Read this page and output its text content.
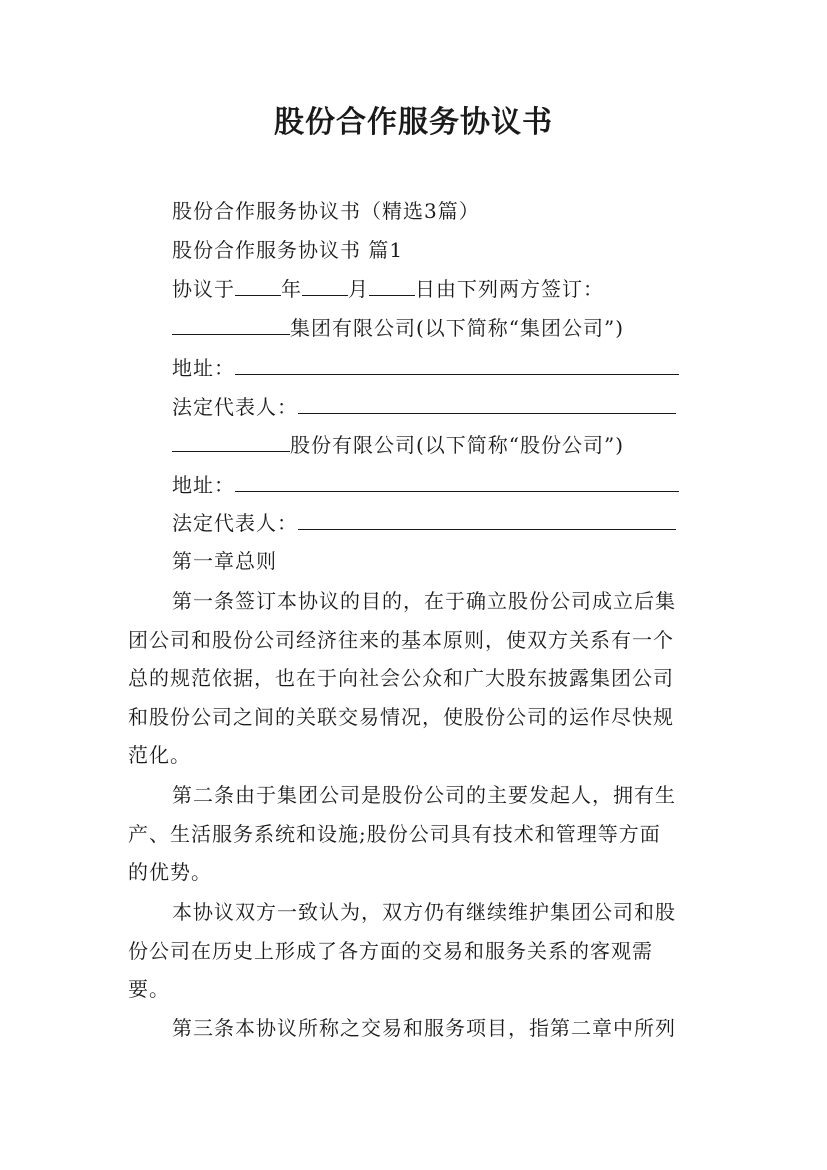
股份合作服务协议书
股份合作服务协议书（精选3篇）
股份合作服务协议书 篇1
协议于 年 月 日由下列两方签订：
集团有限公司(以下简称“集团公司”)
地址：
法定代表人：
股份有限公司(以下简称“股份公司”)
地址：
法定代表人：
第一章总则
第一条签订本协议的目的，在于确立股份公司成立后集
团公司和股份公司经济往来的基本原则，使双方关系有一个
总的规范依据，也在于向社会公众和广大股东披露集团公司
和股份公司之间的关联交易情况，使股份公司的运作尽快规
范化。
第二条由于集团公司是股份公司的主要发起人，拥有生
产、生活服务系统和设施;股份公司具有技术和管理等方面
的优势。
本协议双方一致认为，双方仍有继续维护集团公司和股
份公司在历史上形成了各方面的交易和服务关系的客观需
要。
第三条本协议所称之交易和服务项目，指第二章中所列
